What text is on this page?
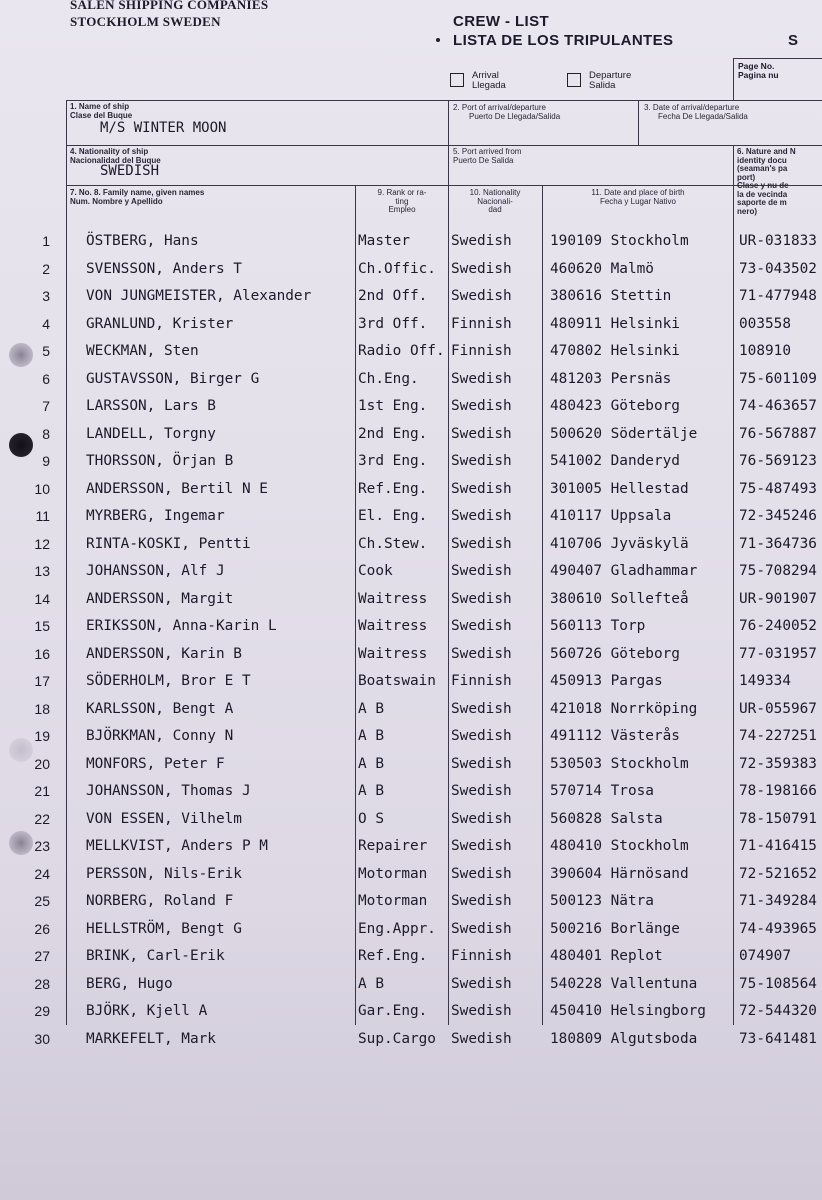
SALEN SHIPPING COMPANIES
STOCKHOLM SWEDEN	CREW - LIST
LISTA DE LOS TRIPULANTES	S
Arrival
Llegada
Departure
Salida
Page No.
Pagina nu
1. Name of ship
Clase del Buque
M/S WINTER MOON
2. Port of arrival/departure
Puerto De Llegada/Salida
3. Date of arrival/departure
Fecha De Llegada/Salida
4. Nationality of ship
Nacionalidad del Buque
SWEDISH
5. Port arrived from
Puerto De Salida
6. Nature and N
identity docu
(seaman's pa
port)
Clase y nu de
la de vecinda
saporte de m
nero)
7. No. 8. Family name, given names
Num. Nombre y Apellido
9. Rank or ra-
ting
Empleo
10. Nationality
Nacionali-
dad
11. Date and place of birth
Fecha y Lugar Nativo
1	ÖSTBERG, Hans	Master	Swedish	190109 Stockholm	UR-031833
2	SVENSSON, Anders T	Ch.Offic. Swedish	460620 Malmö	73-043502
3	VON JUNGMEISTER, Alexander	2nd Off. Swedish	380616 Stettin	71-477948
4	GRANLUND, Krister	3rd Off. Finnish	480911 Helsinki	003558
5	WECKMAN, Sten	Radio Off. Finnish	470802 Helsinki	108910
6	GUSTAVSSON, Birger G	Ch.Eng. Swedish	481203 Persnäs	75-601109
7	LARSSON, Lars B	1st Eng. Swedish	480423 Göteborg	74-463657
8	LANDELL, Torgny	2nd Eng. Swedish	500620 Södertälje	76-567887
9	THORSSON, Örjan B	3rd Eng. Swedish	541002 Danderyd	76-569123
10	ANDERSSON, Bertil N E	Ref.Eng. Swedish	301005 Hellestad	75-487493
11	MYRBERG, Ingemar	El. Eng. Swedish	410117 Uppsala	72-345246
12	RINTA-KOSKI, Pentti	Ch.Stew. Swedish	410706 Jyväskylä	71-364736
13	JOHANSSON, Alf J	Cook	Swedish	490407 Gladhammar	75-708294
14	ANDERSSON, Margit	Waitress Swedish	380610 Sollefteå	UR-901907
15	ERIKSSON, Anna-Karin L	Waitress Swedish	560113 Torp	76-240052
16	ANDERSSON, Karin B	Waitress Swedish	560726 Göteborg	77-031957
17	SÖDERHOLM, Bror E T	Boatswain Finnish	450913 Pargas	149334
18	KARLSSON, Bengt A	A B	Swedish	421018 Norrköping	UR-055967
19	BJÖRKMAN, Conny N	A B	Swedish	491112 Västerås	74-227251
20	MONFORS, Peter F	A B	Swedish	530503 Stockholm	72-359383
21	JOHANSSON, Thomas J	A B	Swedish	570714 Trosa	78-198166
22	VON ESSEN, Vilhelm	O S	Swedish	560828 Salsta	78-150791
23	MELLKVIST, Anders P M	Repairer Swedish	480410 Stockholm	71-416415
24	PERSSON, Nils-Erik	Motorman Swedish	390604 Härnösand	72-521652
25	NORBERG, Roland F	Motorman Swedish	500123 Nätra	71-349284
26	HELLSTRÖM, Bengt G	Eng.Appr. Swedish	500216 Borlänge	74-493965
27	BRINK, Carl-Erik	Ref.Eng. Finnish	480401 Replot	074907
28	BERG, Hugo	A B	Swedish	540228 Vallentuna	75-108564
29	BJÖRK, Kjell A	Gar.Eng. Swedish	450410 Helsingborg 72-544320
30	MARKEFELT, Mark	Sup.Cargo Swedish	180809 Algutsboda	73-641481
